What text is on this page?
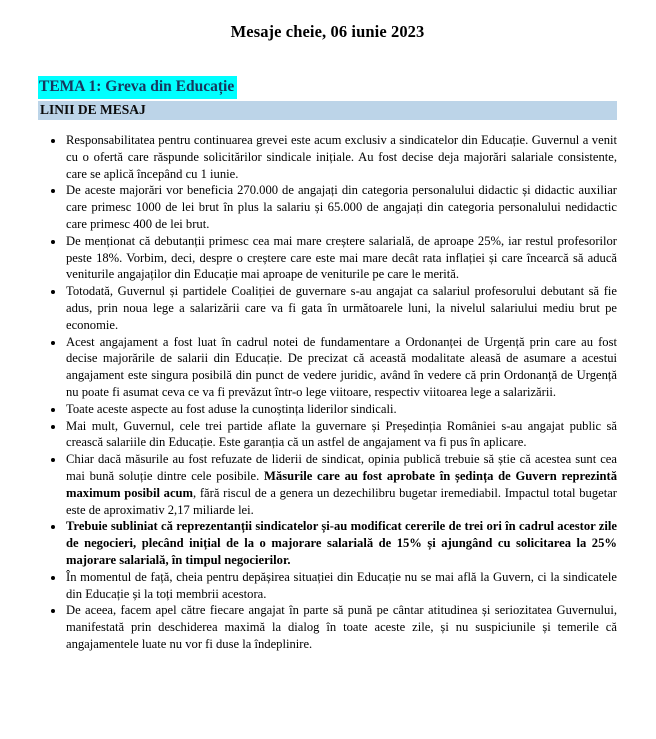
Mesaje cheie, 06 iunie 2023
TEMA 1: Greva din Educație
LINII DE MESAJ
• Responsabilitatea pentru continuarea grevei este acum exclusiv a sindicatelor din Educație. Guvernul a venit cu o ofertă care răspunde solicitărilor sindicale inițiale. Au fost decise deja majorări salariale consistente, care se aplică începând cu 1 iunie.
• De aceste majorări vor beneficia 270.000 de angajați din categoria personalului didactic și didactic auxiliar care primesc 1000 de lei brut în plus la salariu și 65.000 de angajați din categoria personalului nedidactic care primesc 400 de lei brut.
• De menționat că debutanții primesc cea mai mare creștere salarială, de aproape 25%, iar restul profesorilor peste 18%. Vorbim, deci, despre o creștere care este mai mare decât rata inflației și care încearcă să aducă veniturile angajaților din Educație mai aproape de veniturile pe care le merită.
• Totodată, Guvernul și partidele Coaliției de guvernare s-au angajat ca salariul profesorului debutant să fie adus, prin noua lege a salarizării care va fi gata în următoarele luni, la nivelul salariului mediu brut pe economie.
• Acest angajament a fost luat în cadrul notei de fundamentare a Ordonanței de Urgență prin care au fost decise majorările de salarii din Educație. De precizat că această modalitate aleasă de asumare a acestui angajament este singura posibilă din punct de vedere juridic, având în vedere că prin Ordonanță de Urgență nu poate fi asumat ceva ce va fi prevăzut într-o lege viitoare, respectiv viitoarea lege a salarizării.
• Toate aceste aspecte au fost aduse la cunoștința liderilor sindicali.
• Mai mult, Guvernul, cele trei partide aflate la guvernare și Președinția României s-au angajat public să crească salariile din Educație. Este garanția că un astfel de angajament va fi pus în aplicare.
• Chiar dacă măsurile au fost refuzate de liderii de sindicat, opinia publică trebuie să știe că acestea sunt cea mai bună soluție dintre cele posibile. Măsurile care au fost aprobate în ședința de Guvern reprezintă maximum posibil acum, fără riscul de a genera un dezechilibru bugetar iremediabil. Impactul total bugetar este de aproximativ 2,17 miliarde lei.
• Trebuie subliniat că reprezentanții sindicatelor și-au modificat cererile de trei ori în cadrul acestor zile de negocieri, plecând inițial de la o majorare salarială de 15% și ajungând cu solicitarea la 25% majorare salarială, în timpul negocierilor.
• În momentul de față, cheia pentru depășirea situației din Educație nu se mai află la Guvern, ci la sindicatele din Educație și la toți membrii acestora.
• De aceea, facem apel către fiecare angajat în parte să pună pe cântar atitudinea și seriozitatea Guvernului, manifestată prin deschiderea maximă la dialog în toate aceste zile, și nu suspiciunile și temerile că angajamentele luate nu vor fi duse la îndeplinire.
